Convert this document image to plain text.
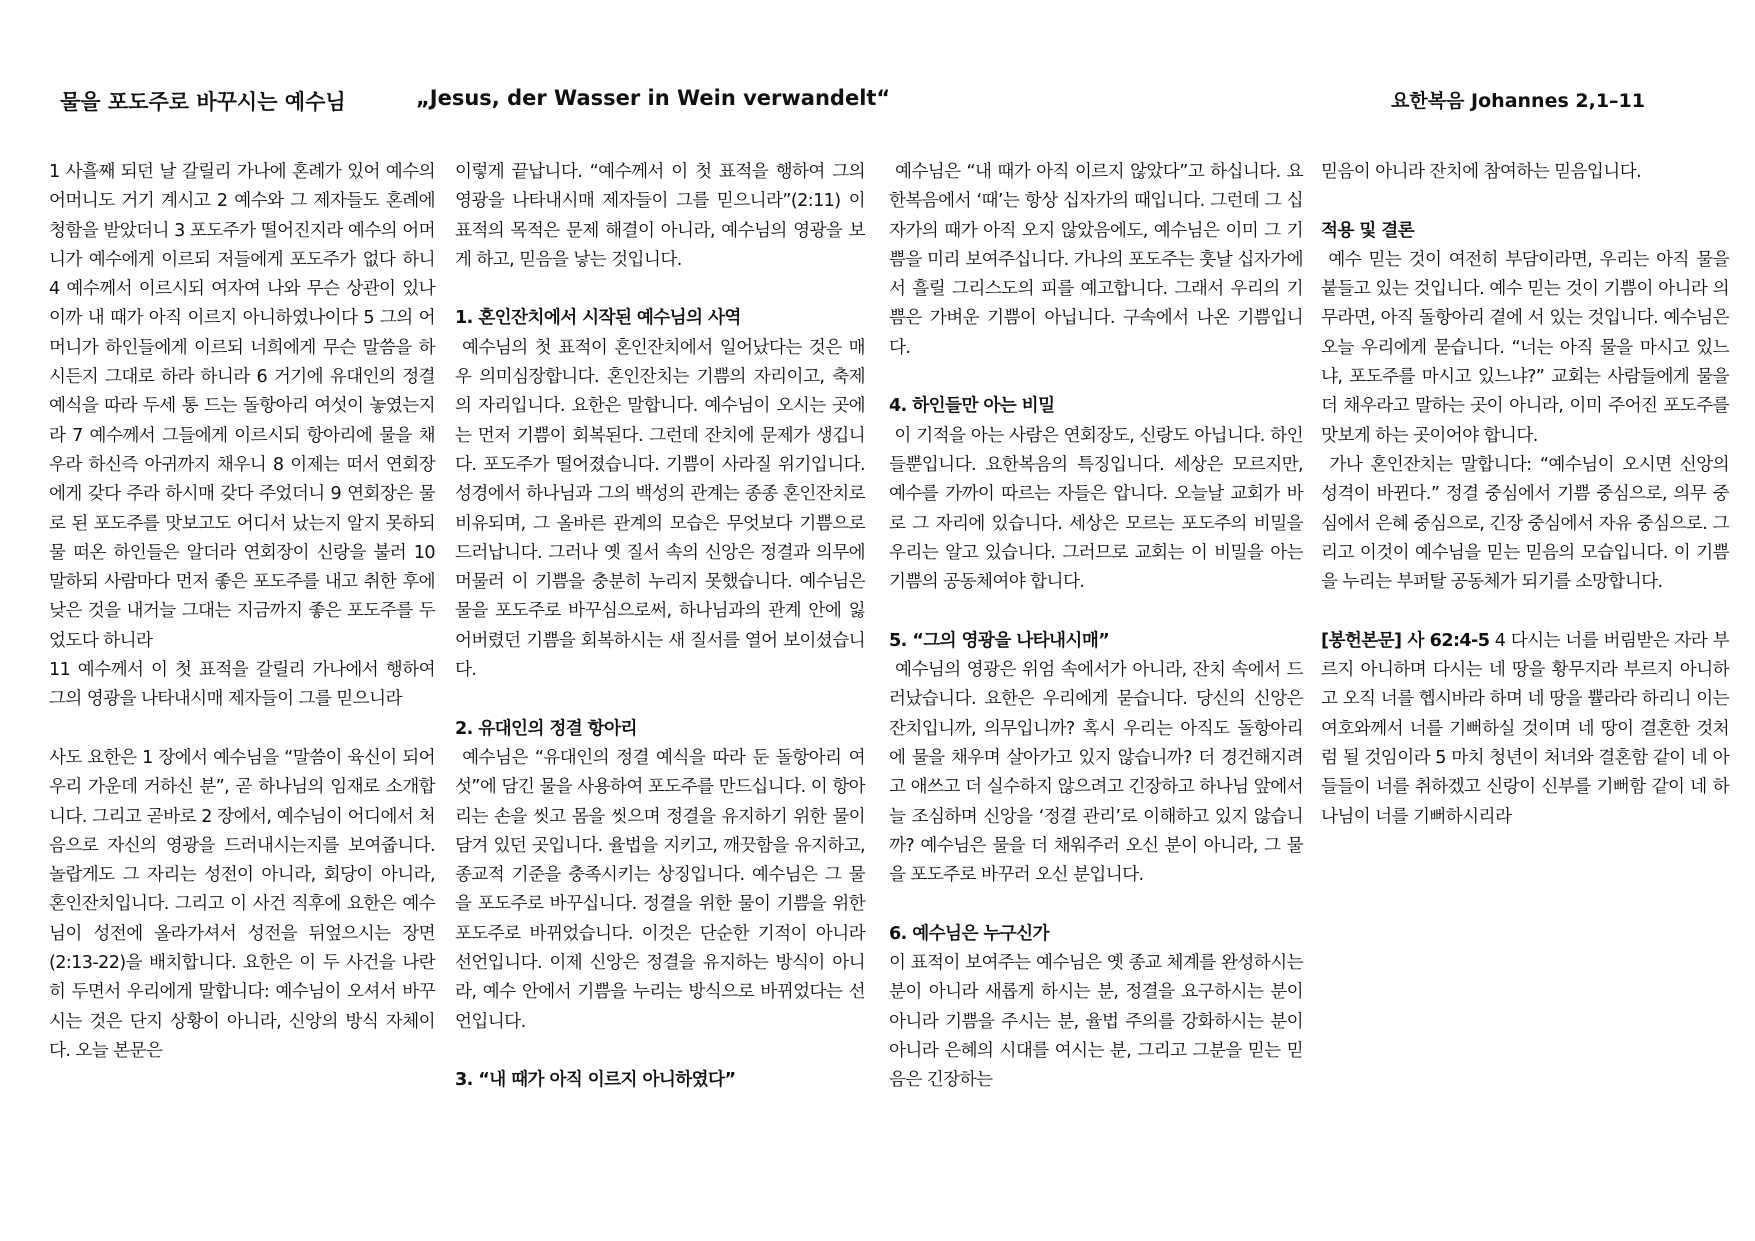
물을 포도주로 바꾸시는 예수님	„Jesus, der Wasser in Wein verwandelt“	요한복음 Johannes 2,1–11

1 사흘째 되던 날 갈릴리 가나에 혼례가 있어 예수의 어머니도 거기 계시고 2 예수와 그 제자들도 혼례에 청함을 받았더니 3 포도주가 떨어진지라 예수의 어머니가 예수에게 이르되 저들에게 포도주가 없다 하니 4 예수께서 이르시되 여자여 나와 무슨 상관이 있나이까 내 때가 아직 이르지 아니하였나이다 5 그의 어머니가 하인들에게 이르되 너희에게 무슨 말씀을 하시든지 그대로 하라 하니라 6 거기에 유대인의 정결 예식을 따라 두세 통 드는 돌항아리 여섯이 놓였는지라 7 예수께서 그들에게 이르시되 항아리에 물을 채우라 하신즉 아귀까지 채우니 8 이제는 떠서 연회장에게 갖다 주라 하시매 갖다 주었더니 9 연회장은 물로 된 포도주를 맛보고도 어디서 났는지 알지 못하되 물 떠온 하인들은 알더라 연회장이 신랑을 불러 10 말하되 사람마다 먼저 좋은 포도주를 내고 취한 후에 낮은 것을 내거늘 그대는 지금까지 좋은 포도주를 두었도다 하니라

11 예수께서 이 첫 표적을 갈릴리 가나에서 행하여 그의 영광을 나타내시매 제자들이 그를 믿으니라

사도 요한은 1 장에서 예수님을 “말씀이 육신이 되어 우리 가운데 거하신 분”, 곧 하나님의 임재로 소개합니다. 그리고 곧바로 2 장에서, 예수님이 어디에서 처음으로 자신의 영광을 드러내시는지를 보여줍니다. 놀랍게도 그 자리는 성전이 아니라, 회당이 아니라, 혼인잔치입니다. 그리고 이 사건 직후에 요한은 예수님이 성전에 올라가셔서 성전을 뒤엎으시는 장면(2:13-22)을 배치합니다. 요한은 이 두 사건을 나란히 두면서 우리에게 말합니다: 예수님이 오셔서 바꾸시는 것은 단지 상황이 아니라, 신앙의 방식 자체이다. 오늘 본문은

이렇게 끝납니다. “예수께서 이 첫 표적을 행하여 그의 영광을 나타내시매 제자들이 그를 믿으니라”(2:11) 이 표적의 목적은 문제 해결이 아니라, 예수님의 영광을 보게 하고, 믿음을 낳는 것입니다.

1. 혼인잔치에서 시작된 예수님의 사역

예수님의 첫 표적이 혼인잔치에서 일어났다는 것은 매우 의미심장합니다. 혼인잔치는 기쁨의 자리이고, 축제의 자리입니다. 요한은 말합니다. 예수님이 오시는 곳에는 먼저 기쁨이 회복된다. 그런데 잔치에 문제가 생깁니다. 포도주가 떨어졌습니다. 기쁨이 사라질 위기입니다. 성경에서 하나님과 그의 백성의 관계는 종종 혼인잔치로 비유되며, 그 올바른 관계의 모습은 무엇보다 기쁨으로 드러납니다. 그러나 옛 질서 속의 신앙은 정결과 의무에 머물러 이 기쁨을 충분히 누리지 못했습니다. 예수님은 물을 포도주로 바꾸심으로써, 하나님과의 관계 안에 잃어버렸던 기쁨을 회복하시는 새 질서를 열어 보이셨습니다.

2. 유대인의 정결 항아리

예수님은 “유대인의 정결 예식을 따라 둔 돌항아리 여섯”에 담긴 물을 사용하여 포도주를 만드십니다. 이 항아리는 손을 씻고 몸을 씻으며 정결을 유지하기 위한 물이 담겨 있던 곳입니다. 율법을 지키고, 깨끗함을 유지하고, 종교적 기준을 충족시키는 상징입니다. 예수님은 그 물을 포도주로 바꾸십니다. 정결을 위한 물이 기쁨을 위한 포도주로 바뀌었습니다. 이것은 단순한 기적이 아니라 선언입니다. 이제 신앙은 정결을 유지하는 방식이 아니라, 예수 안에서 기쁨을 누리는 방식으로 바뀌었다는 선언입니다.

3. “내 때가 아직 이르지 아니하였다”

예수님은 “내 때가 아직 이르지 않았다”고 하십니다. 요한복음에서 ‘때’는 항상 십자가의 때입니다. 그런데 그 십자가의 때가 아직 오지 않았음에도, 예수님은 이미 그 기쁨을 미리 보여주십니다. 가나의 포도주는 훗날 십자가에서 흘릴 그리스도의 피를 예고합니다. 그래서 우리의 기쁨은 가벼운 기쁨이 아닙니다. 구속에서 나온 기쁨입니다.

4. 하인들만 아는 비밀

이 기적을 아는 사람은 연회장도, 신랑도 아닙니다. 하인들뿐입니다. 요한복음의 특징입니다. 세상은 모르지만, 예수를 가까이 따르는 자들은 압니다. 오늘날 교회가 바로 그 자리에 있습니다. 세상은 모르는 포도주의 비밀을 우리는 알고 있습니다. 그러므로 교회는 이 비밀을 아는 기쁨의 공동체여야 합니다.

5. “그의 영광을 나타내시매”

예수님의 영광은 위엄 속에서가 아니라, 잔치 속에서 드러났습니다. 요한은 우리에게 묻습니다. 당신의 신앙은 잔치입니까, 의무입니까? 혹시 우리는 아직도 돌항아리에 물을 채우며 살아가고 있지 않습니까? 더 경건해지려고 애쓰고 더 실수하지 않으려고 긴장하고 하나님 앞에서 늘 조심하며 신앙을 ‘정결 관리’로 이해하고 있지 않습니까? 예수님은 물을 더 채워주러 오신 분이 아니라, 그 물을 포도주로 바꾸러 오신 분입니다.

6. 예수님은 누구신가

이 표적이 보여주는 예수님은 옛 종교 체계를 완성하시는 분이 아니라 새롭게 하시는 분, 정결을 요구하시는 분이 아니라 기쁨을 주시는 분, 율법 주의를 강화하시는 분이 아니라 은혜의 시대를 여시는 분, 그리고 그분을 믿는 믿음은 긴장하는

믿음이 아니라 잔치에 참여하는 믿음입니다.

적용 및 결론

예수 믿는 것이 여전히 부담이라면, 우리는 아직 물을 붙들고 있는 것입니다. 예수 믿는 것이 기쁨이 아니라 의무라면, 아직 돌항아리 곁에 서 있는 것입니다. 예수님은 오늘 우리에게 묻습니다. “너는 아직 물을 마시고 있느냐, 포도주를 마시고 있느냐?” 교회는 사람들에게 물을 더 채우라고 말하는 곳이 아니라, 이미 주어진 포도주를 맛보게 하는 곳이어야 합니다.

가나 혼인잔치는 말합니다: “예수님이 오시면 신앙의 성격이 바뀐다.” 정결 중심에서 기쁨 중심으로, 의무 중심에서 은혜 중심으로, 긴장 중심에서 자유 중심으로. 그리고 이것이 예수님을 믿는 믿음의 모습입니다. 이 기쁨을 누리는 부퍼탈 공동체가 되기를 소망합니다.

[봉헌본문] 사 62:4-5 4 다시는 너를 버림받은 자라 부르지 아니하며 다시는 네 땅을 황무지라 부르지 아니하고 오직 너를 헵시바라 하며 네 땅을 쁄라라 하리니 이는 여호와께서 너를 기뻐하실 것이며 네 땅이 결혼한 것처럼 될 것임이라 5 마치 청년이 처녀와 결혼함 같이 네 아들들이 너를 취하겠고 신랑이 신부를 기뻐함 같이 네 하나님이 너를 기뻐하시리라
